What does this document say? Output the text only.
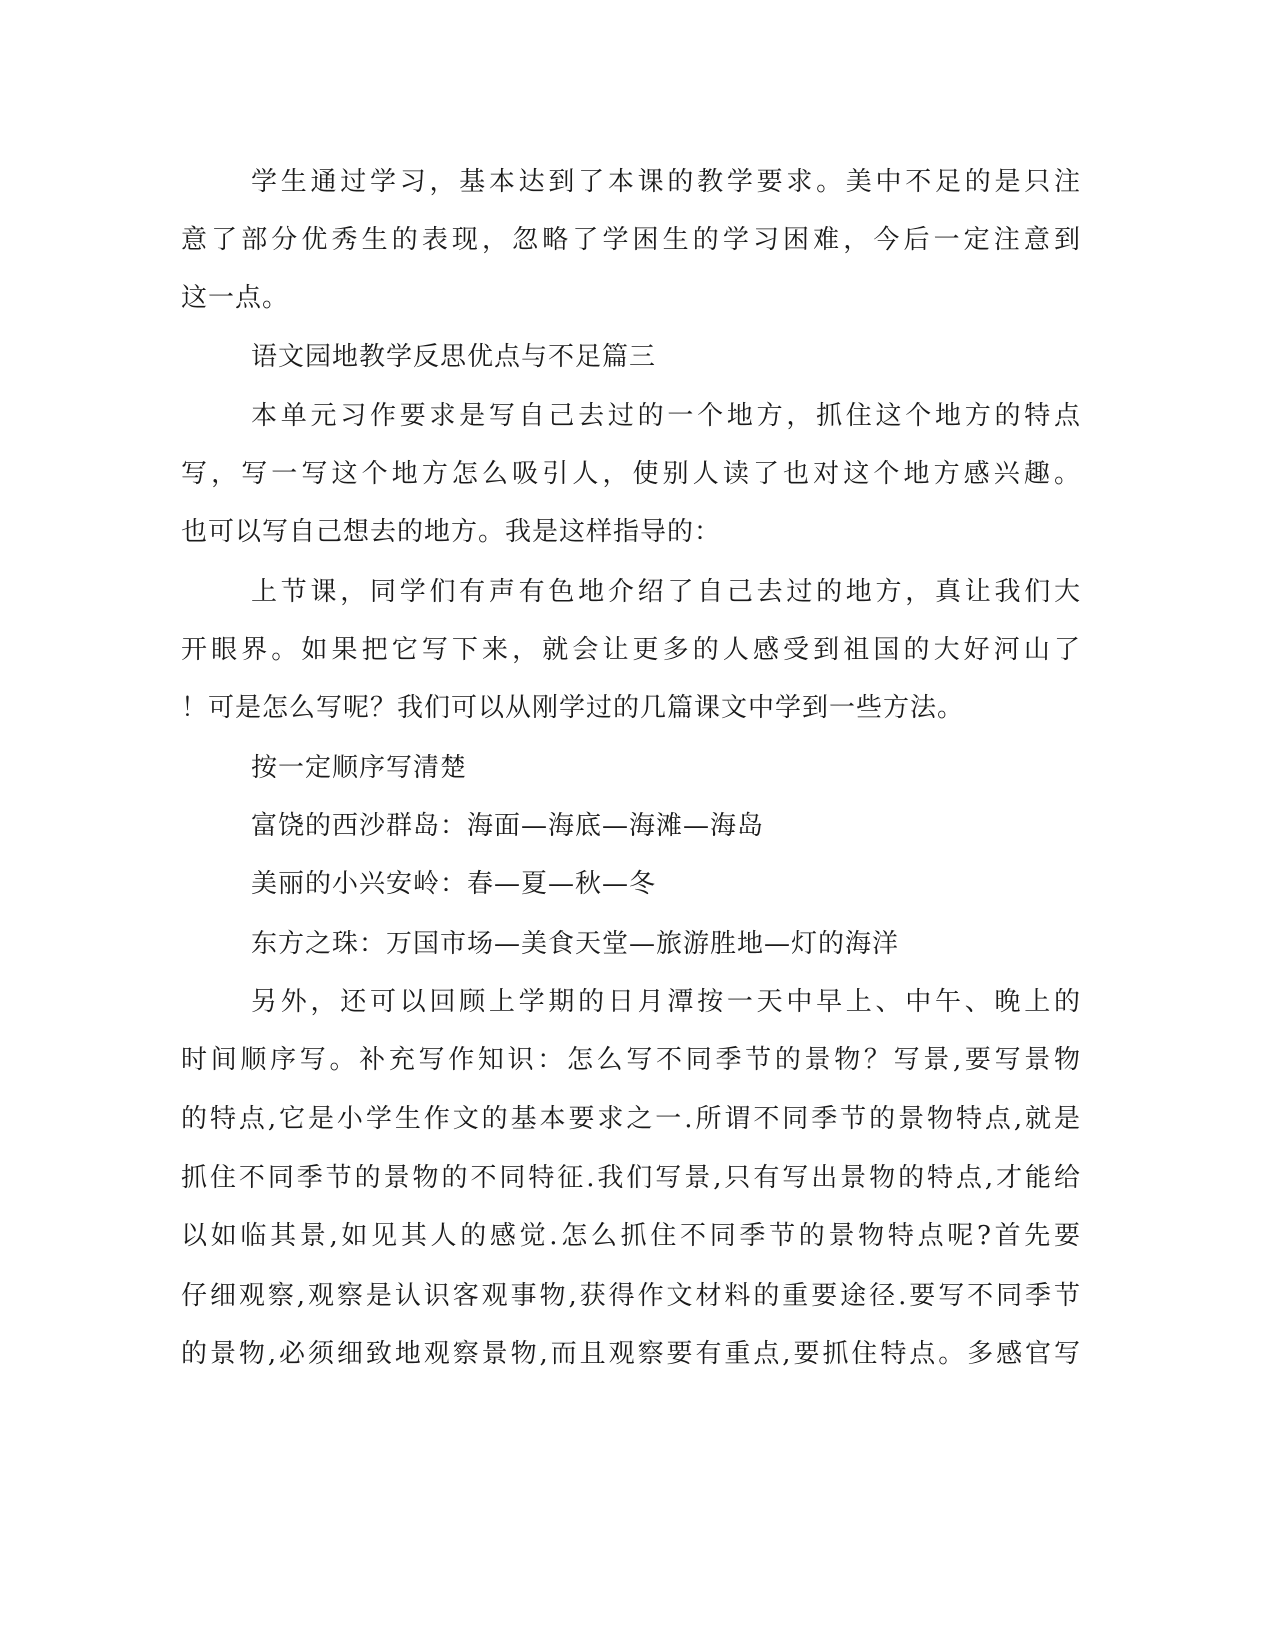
学生通过学习，基本达到了本课的教学要求。美中不足的是只注
意了部分优秀生的表现，忽略了学困生的学习困难，今后一定注意到
这一点。
语文园地教学反思优点与不足篇三
本单元习作要求是写自己去过的一个地方，抓住这个地方的特点
写，写一写这个地方怎么吸引人，使别人读了也对这个地方感兴趣。
也可以写自己想去的地方。我是这样指导的：
上节课，同学们有声有色地介绍了自己去过的地方，真让我们大
开眼界。如果把它写下来，就会让更多的人感受到祖国的大好河山了
！可是怎么写呢？我们可以从刚学过的几篇课文中学到一些方法。
按一定顺序写清楚
富饶的西沙群岛：海面—海底—海滩—海岛
美丽的小兴安岭：春—夏—秋—冬
东方之珠：万国市场—美食天堂—旅游胜地—灯的海洋
另外，还可以回顾上学期的日月潭按一天中早上、中午、晚上的
时间顺序写。补充写作知识：怎么写不同季节的景物？写景,要写景物
的特点,它是小学生作文的基本要求之一.所谓不同季节的景物特点,就是
抓住不同季节的景物的不同特征.我们写景,只有写出景物的特点,才能给
以如临其景,如见其人的感觉.怎么抓住不同季节的景物特点呢?首先要
仔细观察,观察是认识客观事物,获得作文材料的重要途径.要写不同季节
的景物,必须细致地观察景物,而且观察要有重点,要抓住特点。多感官写
